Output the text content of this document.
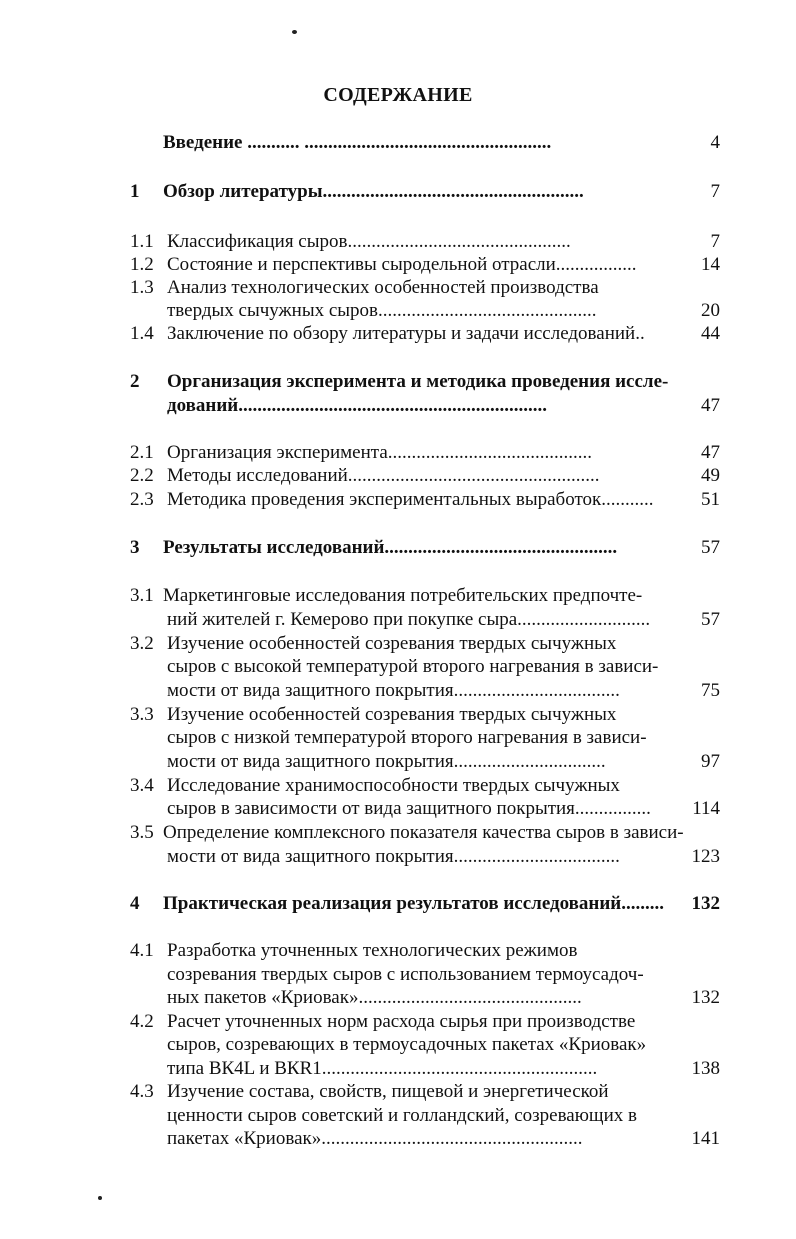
СОДЕРЖАНИЕ
Введение ........... ....................................................	4
1 Обзор литературы.......................................................	7
1.1 Классификация сыров...............................................	7
1.2 Состояние и перспективы сыродельной отрасли.................	14
1.3 Анализ технологических особенностей производства
твердых сычужных сыров..............................................	20
1.4 Заключение по обзору литературы и задачи исследований..	44
2 Организация эксперимента и методика проведения иссле-
дований.................................................................	47
2.1 Организация эксперимента...........................................	47
2.2 Методы исследований.....................................................	49
2.3 Методика проведения экспериментальных выработок........... 51
3 Результаты исследований.................................................	57
3.1 Маркетинговые исследования потребительских предпочте-
ний жителей г. Кемерово при покупке сыра............................	57
3.2 Изучение особенностей созревания твердых сычужных
сыров с высокой температурой второго нагревания в зависи-
мости от вида защитного покрытия...................................	75
3.3 Изучение особенностей созревания твердых сычужных
сыров с низкой температурой второго нагревания в зависи-
мости от вида защитного покрытия................................	97
3.4 Исследование хранимоспособности твердых сычужных
сыров в зависимости от вида защитного покрытия................ 114
3.5 Определение комплексного показателя качества сыров в зависи-
мости от вида защитного покрытия...................................	123
4 Практическая реализация результатов исследований......... 132
4.1 Разработка уточненных технологических режимов
созревания твердых сыров с использованием термоусадоч-
ных пакетов «Криовак»...............................................	132
4.2 Расчет уточненных норм расхода сырья при производстве
сыров, созревающих в термоусадочных пакетах «Криовак»
типа ВК4L и ВКR1..........................................................	138
4.3 Изучение состава, свойств, пищевой и энергетической
ценности сыров советский и голландский, созревающих в
пакетах «Криовак».......................................................	141
